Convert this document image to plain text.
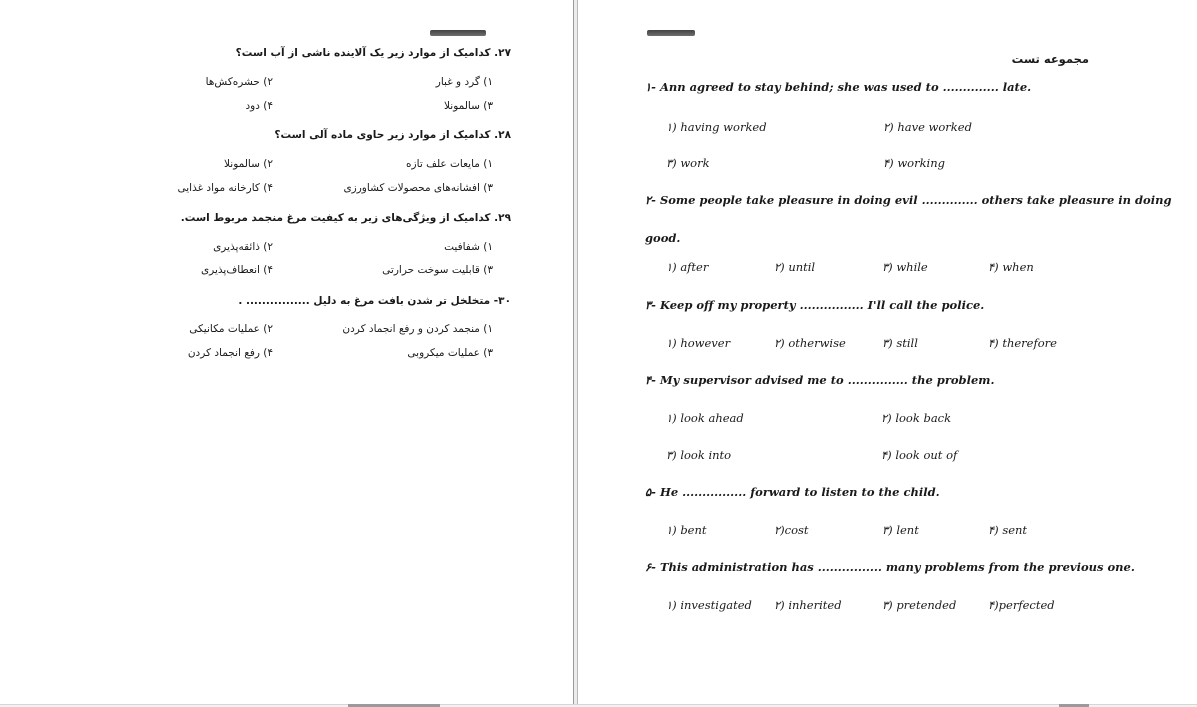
۲۷. کدامیک از موارد زیر یک آلاینده ناشی از آب است؟
۱) گرد و غبار
۲) حشره‌کش‌ها
۳) سالمونلا
۴) دود
۲۸. کدامیک از موارد زیر حاوی ماده آلی است؟
۱) مایعات علف تازه
۲) سالمونلا
۳) افشانه‌های محصولات کشاورزی
۴) کارخانه مواد غذایی
۲۹. کدامیک از ویژگی‌های زیر به کیفیت مرغ منجمد مربوط است.
۱) شفافیت
۲) ذائقه‌پذیری
۳) قابلیت سوخت حرارتی
۴) انعطاف‌پذیری
۳۰- متخلخل تر شدن بافت مرغ به دلیل ................ .
۱) منجمد کردن و رفع انجماد کردن
۲) عملیات مکانیکی
۳) عملیات میکروبی
۴) رفع انجماد کردن
مجموعه تست
۱- Ann agreed to stay behind; she was used to .............. late.
۱) having worked	۲) have worked
۳) work	۴) working
۲- Some people take pleasure in doing evil .............. others take pleasure in doing
good.
۱) after	۲) until	۳) while	۴) when
۳- Keep off my property ................ I'll call the police.
۱) however	۲) otherwise	۳) still	۴) therefore
۴- My supervisor advised me to ............... the problem.
۱) look ahead	۲) look back
۳) look into	۴) look out of
۵- He ................ forward to listen to the child.
۱) bent	۲)cost	۳) lent	۴) sent
۶- This administration has ................ many problems from the previous one.
۱) investigated ۲) inherited	۳) pretended	۴)perfected
